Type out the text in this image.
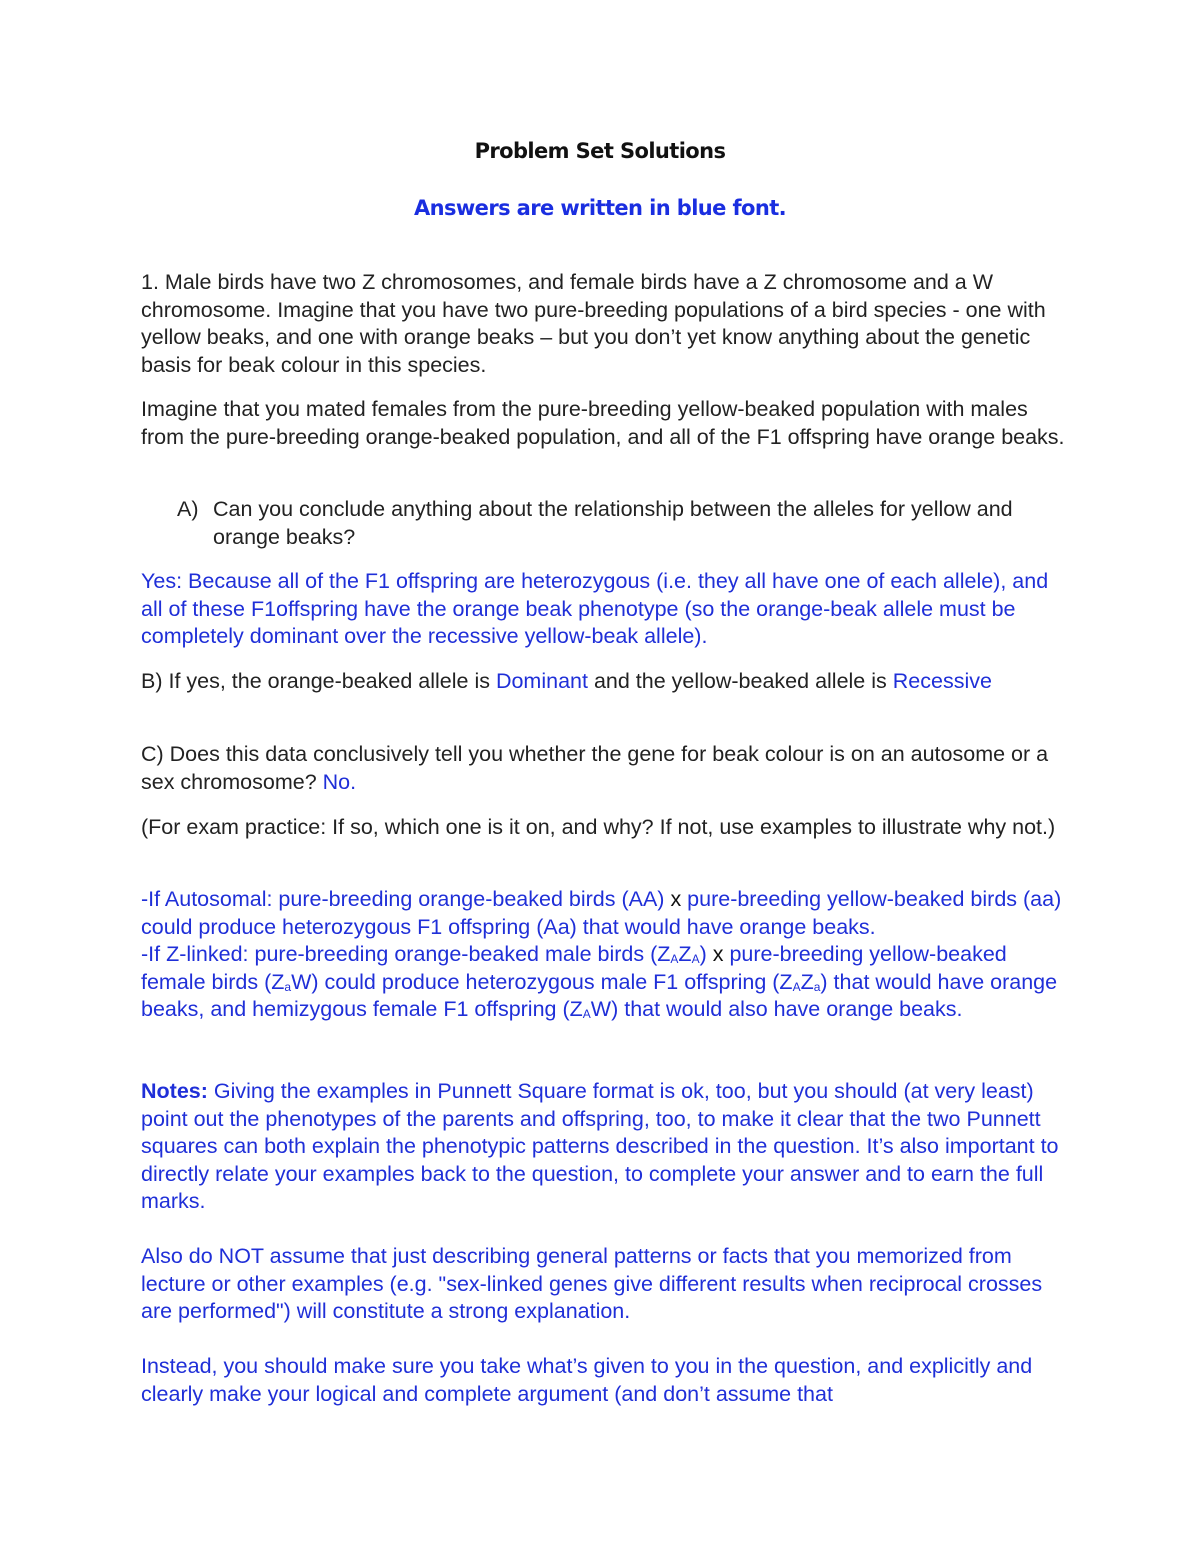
Problem Set Solutions
Answers are written in blue font.

1. Male birds have two Z chromosomes, and female birds have a Z chromosome and a W chromosome. Imagine that you have two pure-breeding populations of a bird species - one with yellow beaks, and one with orange beaks – but you don’t yet know anything about the genetic basis for beak colour in this species.

Imagine that you mated females from the pure-breeding yellow-beaked population with males from the pure-breeding orange-beaked population, and all of the F1 offspring have orange beaks.

A) Can you conclude anything about the relationship between the alleles for yellow and orange beaks?

Yes: Because all of the F1 offspring are heterozygous (i.e. they all have one of each allele), and all of these F1offspring have the orange beak phenotype (so the orange-beak allele must be completely dominant over the recessive yellow-beak allele).

B) If yes, the orange-beaked allele is Dominant and the yellow-beaked allele is Recessive

C) Does this data conclusively tell you whether the gene for beak colour is on an autosome or a sex chromosome? No.

(For exam practice: If so, which one is it on, and why? If not, use examples to illustrate why not.)

-If Autosomal: pure-breeding orange-beaked birds (AA) x pure-breeding yellow-beaked birds (aa) could produce heterozygous F1 offspring (Aa) that would have orange beaks.

-If Z-linked: pure-breeding orange-beaked male birds $(Z_AZ_A)$ x pure-breeding yellow-beaked female birds $(Z_aW)$ could produce heterozygous male F1 offspring $(Z_AZ_a)$ that would have orange beaks, and hemizygous female F1 offspring $(Z_AW)$ that would also have orange beaks.

Notes: Giving the examples in Punnett Square format is ok, too, but you should (at very least) point out the phenotypes of the parents and offspring, too, to make it clear that the two Punnett squares can both explain the phenotypic patterns described in the question. It’s also important to directly relate your examples back to the question, to complete your answer and to earn the full marks.

Also do NOT assume that just describing general patterns or facts that you memorized from lecture or other examples (e.g. "sex-linked genes give different results when reciprocal crosses are performed") will constitute a strong explanation.

Instead, you should make sure you take what’s given to you in the question, and explicitly and clearly make your logical and complete argument (and don’t assume that
